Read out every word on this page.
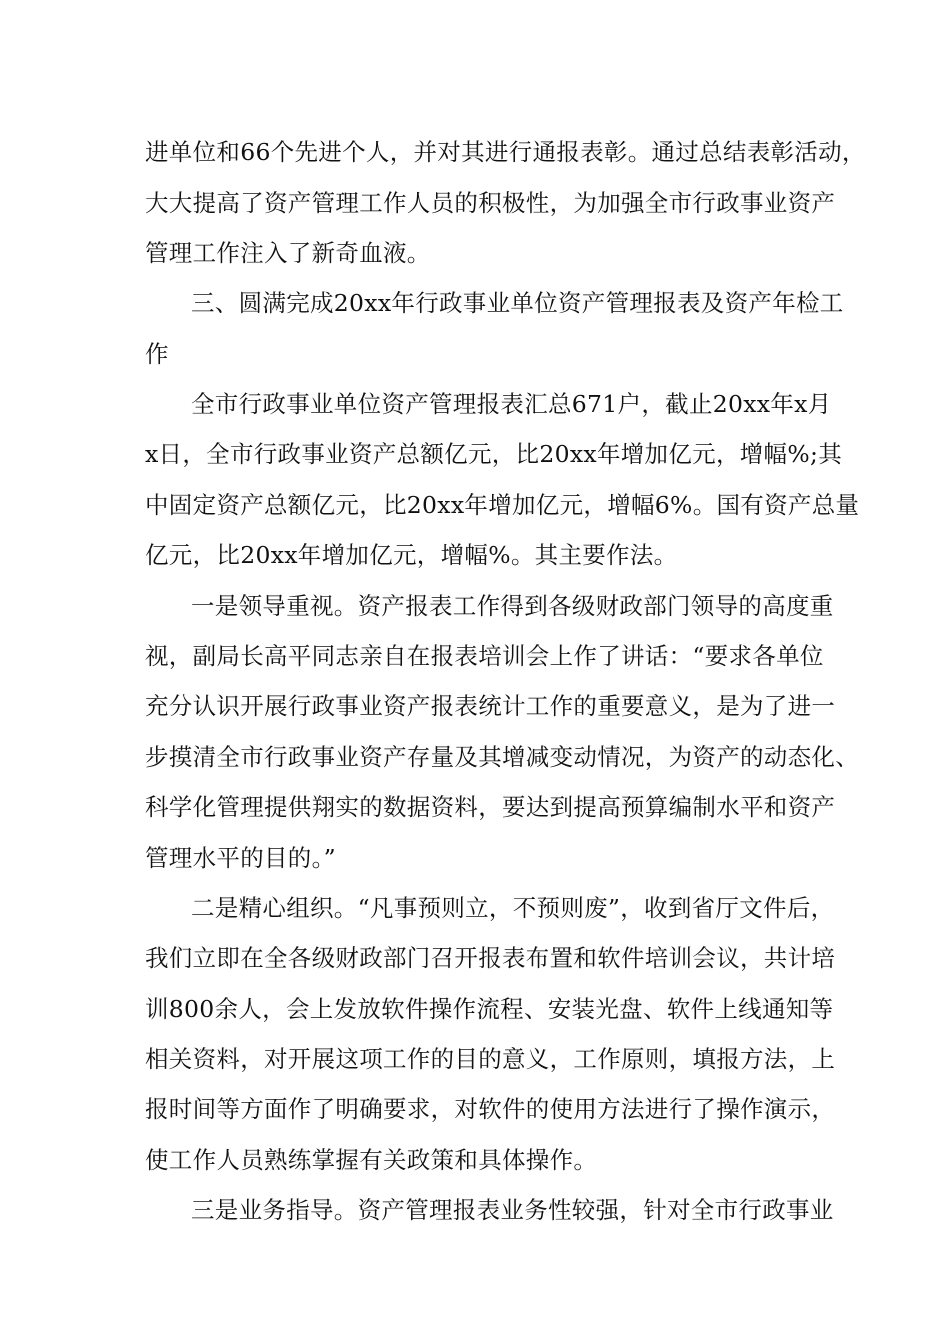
进单位和66个先进个人，并对其进行通报表彰。通过总结表彰活动，
大大提高了资产管理工作人员的积极性，为加强全市行政事业资产
管理工作注入了新奇血液。
三、圆满完成20xx年行政事业单位资产管理报表及资产年检工
作
全市行政事业单位资产管理报表汇总671户，截止20xx年x月
x日，全市行政事业资产总额亿元，比20xx年增加亿元，增幅%;其
中固定资产总额亿元，比20xx年增加亿元，增幅6%。国有资产总量
亿元，比20xx年增加亿元，增幅%。其主要作法。
一是领导重视。资产报表工作得到各级财政部门领导的高度重
视，副局长高平同志亲自在报表培训会上作了讲话：“要求各单位
充分认识开展行政事业资产报表统计工作的重要意义，是为了进一
步摸清全市行政事业资产存量及其增减变动情况，为资产的动态化、
科学化管理提供翔实的数据资料，要达到提高预算编制水平和资产
管理水平的目的。”
二是精心组织。“凡事预则立，不预则废”，收到省厅文件后，
我们立即在全各级财政部门召开报表布置和软件培训会议，共计培
训800余人，会上发放软件操作流程、安装光盘、软件上线通知等
相关资料，对开展这项工作的目的意义，工作原则，填报方法，上
报时间等方面作了明确要求，对软件的使用方法进行了操作演示，
使工作人员熟练掌握有关政策和具体操作。
三是业务指导。资产管理报表业务性较强，针对全市行政事业
